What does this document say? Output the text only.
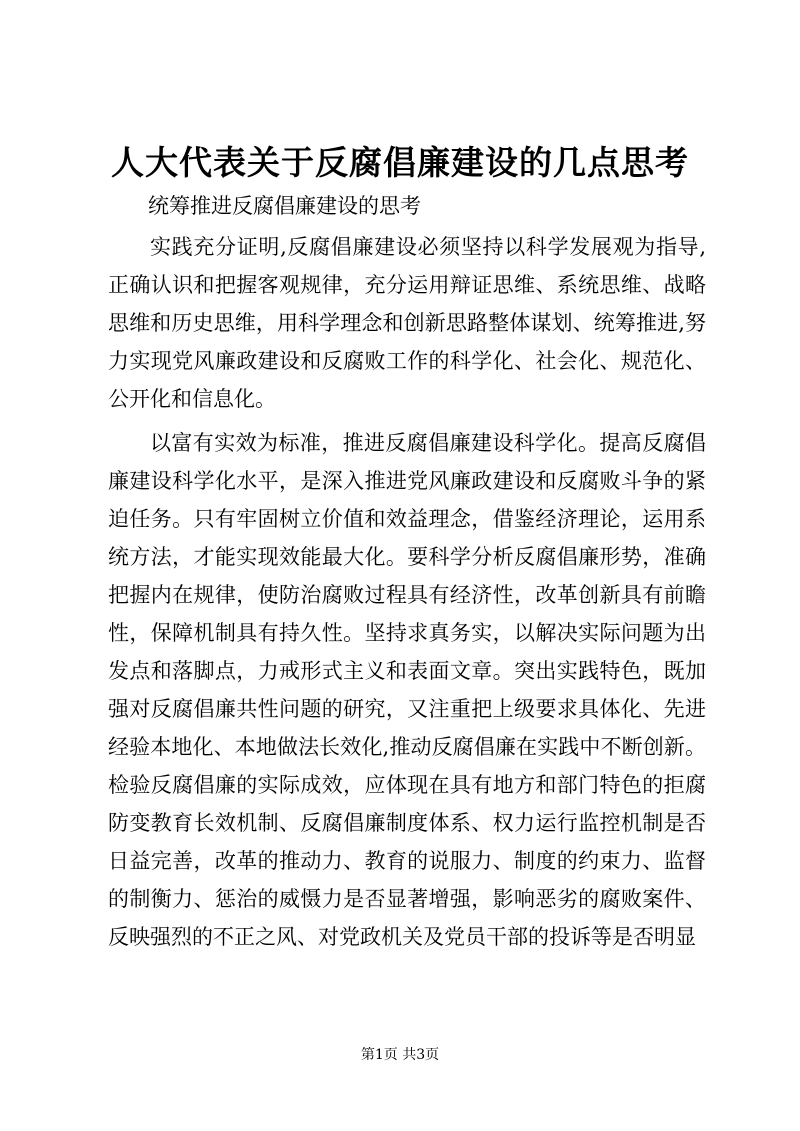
人大代表关于反腐倡廉建设的几点思考

统筹推进反腐倡廉建设的思考

实践充分证明,反腐倡廉建设必须坚持以科学发展观为指导,正确认识和把握客观规律，充分运用辩证思维、系统思维、战略思维和历史思维，用科学理念和创新思路整体谋划、统筹推进,努力实现党风廉政建设和反腐败工作的科学化、社会化、规范化、公开化和信息化。

以富有实效为标准，推进反腐倡廉建设科学化。提高反腐倡廉建设科学化水平，是深入推进党风廉政建设和反腐败斗争的紧迫任务。只有牢固树立价值和效益理念，借鉴经济理论，运用系统方法，才能实现效能最大化。要科学分析反腐倡廉形势，准确把握内在规律，使防治腐败过程具有经济性，改革创新具有前瞻性，保障机制具有持久性。坚持求真务实，以解决实际问题为出发点和落脚点，力戒形式主义和表面文章。突出实践特色，既加强对反腐倡廉共性问题的研究，又注重把上级要求具体化、先进经验本地化、本地做法长效化,推动反腐倡廉在实践中不断创新。检验反腐倡廉的实际成效，应体现在具有地方和部门特色的拒腐防变教育长效机制、反腐倡廉制度体系、权力运行监控机制是否日益完善，改革的推动力、教育的说服力、制度的约束力、监督的制衡力、惩治的威慑力是否显著增强，影响恶劣的腐败案件、反映强烈的不正之风、对党政机关及党员干部的投诉等是否明显

第1页 共3页
